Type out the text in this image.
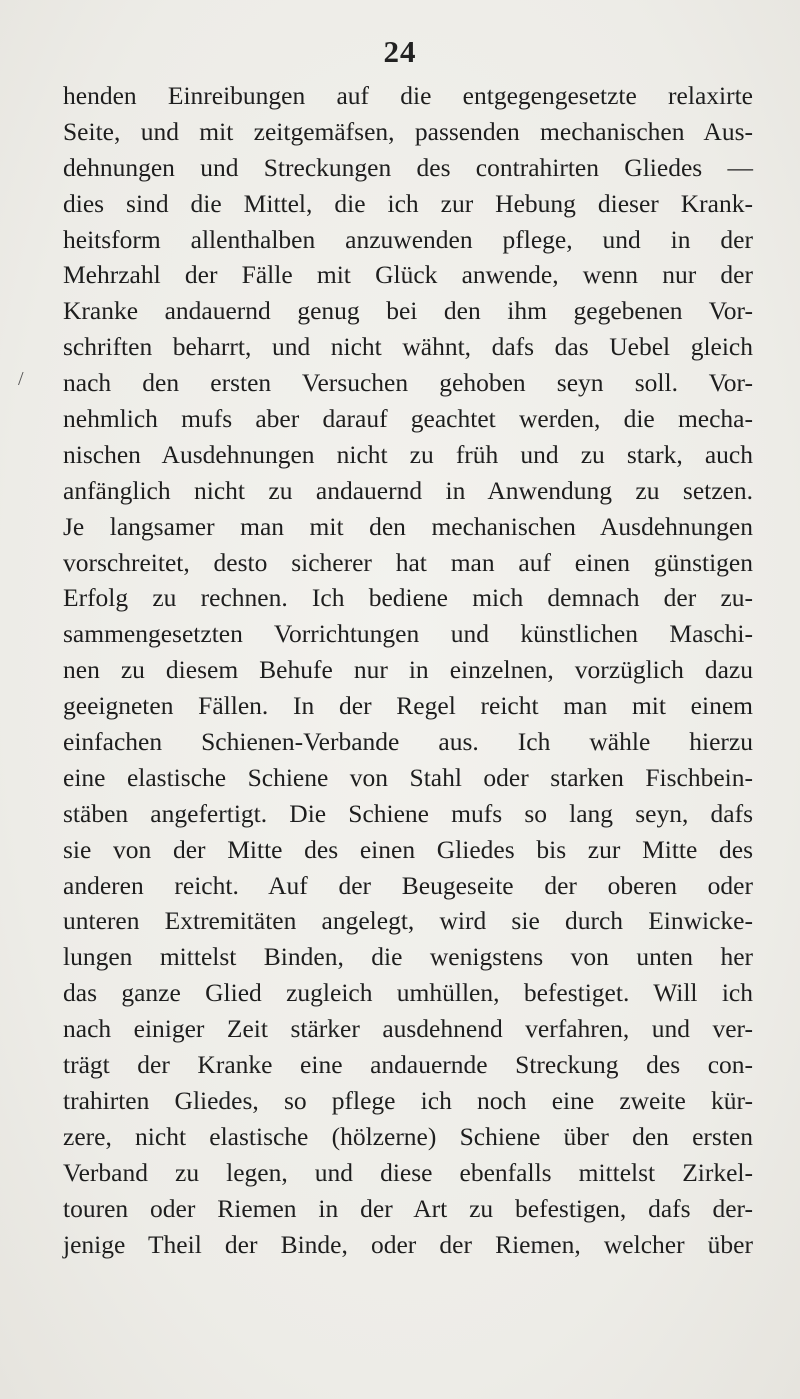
24
/
henden Einreibungen auf die entgegengesetzte relaxirte
Seite, und mit zeitgemäfsen, passenden mechanischen Aus-
dehnungen und Streckungen des contrahirten Gliedes —
dies sind die Mittel, die ich zur Hebung dieser Krank-
heitsform allenthalben anzuwenden pflege, und in der
Mehrzahl der Fälle mit Glück anwende, wenn nur der
Kranke andauernd genug bei den ihm gegebenen Vor-
schriften beharrt, und nicht wähnt, dafs das Uebel gleich
nach den ersten Versuchen gehoben seyn soll. Vor-
nehmlich mufs aber darauf geachtet werden, die mecha-
nischen Ausdehnungen nicht zu früh und zu stark, auch
anfänglich nicht zu andauernd in Anwendung zu setzen.
Je langsamer man mit den mechanischen Ausdehnungen
vorschreitet, desto sicherer hat man auf einen günstigen
Erfolg zu rechnen. Ich bediene mich demnach der zu-
sammengesetzten Vorrichtungen und künstlichen Maschi-
nen zu diesem Behufe nur in einzelnen, vorzüglich dazu
geeigneten Fällen. In der Regel reicht man mit einem
einfachen Schienen-Verbande aus. Ich wähle hierzu
eine elastische Schiene von Stahl oder starken Fischbein-
stäben angefertigt. Die Schiene mufs so lang seyn, dafs
sie von der Mitte des einen Gliedes bis zur Mitte des
anderen reicht. Auf der Beugeseite der oberen oder
unteren Extremitäten angelegt, wird sie durch Einwicke-
lungen mittelst Binden, die wenigstens von unten her
das ganze Glied zugleich umhüllen, befestiget. Will ich
nach einiger Zeit stärker ausdehnend verfahren, und ver-
trägt der Kranke eine andauernde Streckung des con-
trahirten Gliedes, so pflege ich noch eine zweite kür-
zere, nicht elastische (hölzerne) Schiene über den ersten
Verband zu legen, und diese ebenfalls mittelst Zirkel-
touren oder Riemen in der Art zu befestigen, dafs der-
jenige Theil der Binde, oder der Riemen, welcher über
